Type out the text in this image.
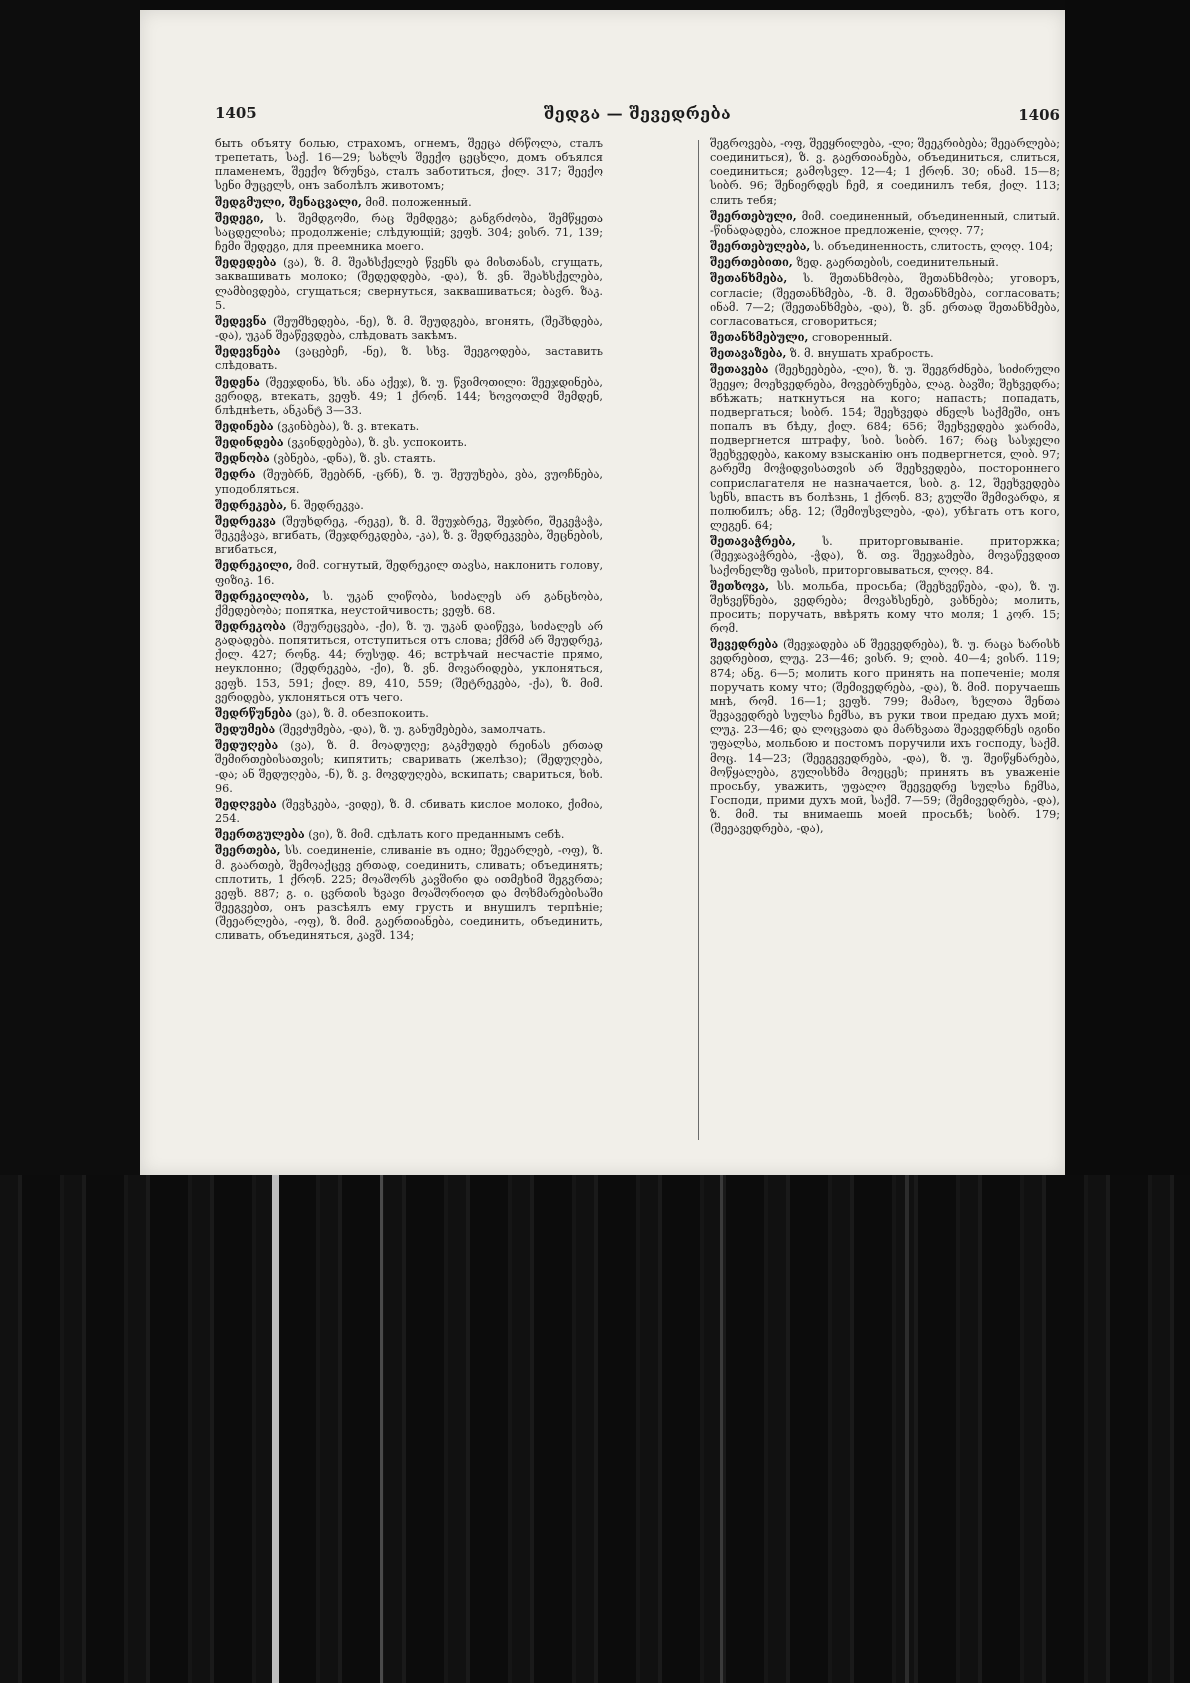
1405	შედგა — შევედრება	1406

быть объяту болью, страхомъ, огнемъ, შეეცა ძრწოლა, сталъ трепетать, საქ. 16—29; სახლს შეექო ცეცხლი, домъ объялся пламенемъ, შეექო ზრუნვა, сталъ заботиться, ქილ. 317; შეექო სენი მუცელს, онъ заболѣлъ животомъ;

შედგმული, შენაცვალი, მიმ. положенный.

შედეგი, ს. შემდგომი, რაც შემდეგა; განგრძობა, შემწყეთა საცდელისა; продолженіе; слѣдующій; ვეფხ. 304; ვისრ. 71, 139; ჩემი შედეგი, для преемника моего.

შედედება (ვა), ზ. მ. შეახსქელებ წვენს და მისთანას, сгущать, заквашивать молоко; (შედედდება, -და), ზ. ვნ. შეახსქელება, ლამბივდება, сгущаться; свернуться, заквашиваться; ბავრ. ზაკ. 5.

შედევნა (შეუმხედება, -ნე), ზ. მ. შეუდგება, вгонять, (შეჰხდება, -და), უკან შეაწევდება, слѣдовать закѣмъ.

შედევნება (ვაცებეჩ, -ნე), ზ. სხვ. შეეგოდება, заставить слѣдовать.

შედენა (შეეჯდინა, ხს. ანა აქეჯ), ზ. უ. წვიმოთილი: შეეჯდინება, ვერიდგ, втекать, ვეფხ. 49; 1 ქრონ. 144; ხოვოთლმ შემდენ, блѣднѣеть, ანკანტ 3—33.

შედინება (ვკინბება), ზ. ვ. втекать.

შედინდება (ვკინდებება), ზ. ვს. успокоить.

შედნობა (ვბნება, -დნა), ზ. ვს. стаять.

შედრა (შეუბრნ, შეებრნ, -ცრნ), ზ. უ. შეუუხება, ვბა, ვუოჩნება, уподобляться.

შედრეკება, ნ. შედრეკვა.

შედრეკვა (შეუხდრეკ, -რეკე), ზ. მ. შეუჯბრეკ, შეჯბრი, შეკეჭაჭა, შეკეჭავა, вгибать, (შეჯდრეკდება, -კა), ზ. ვ. შედრეკვება, შეცნების, вгибаться,

შედრეკილი, მიმ. согнутый, შედრეკილ თავსა, наклонить голову, ფიზიკ. 16.

შედრეკილობა, ს. უკან ლიწობა, სიძალეს არ განცხობა, ქმედებობა; попятка, неустойчивость; ვეფხ. 68.

შედრეკობა (შეურეცვება, -ქი), ზ. უ. უკან დაიწევა, სიძალეს არ გადადება. попятиться, отступиться отъ слова; ქმრმ არ შეუდრეკ, ქილ. 427; რონგ. 44; რუსუდ. 46; встрѣчай несчастіе прямо, неуклонно; (შედრეკება, -ქი), ზ. ვნ. მოვარიდება, уклоняться, ვეფხ. 153, 591; ქილ. 89, 410, 559; (შეტრეკება, -ქა), ზ. მიმ. ვერიდება, уклоняться отъ чего.

შედრწუნება (ვა), ზ. მ. обезпокоить.

შედუმება (შევძუმება, -და), ზ. უ. განუმებება, замолчать.

შედუღება (ვა), ზ. მ. მოადუღე; გაკმუდებ რეინას ერთად შემირთებისათვის; кипятить; сваривать (желѣзо); (შედუღება, -და; ან შედუღება, -ნ), ზ. ვ. მოვდუღება, вскипать; свариться, ხიხ. 96.

შედღვება (შევხკება, -ვიდე), ზ. მ. сбивать кислое молоко, ქიმია, 254.

შეერთგულება (ვი), ზ. მიმ. сдѣлать кого преданнымъ себѣ.

შეერთება, სს. соединеніе, сливаніе въ одно; შეეარლებ, -ოფ), ზ. მ. გაართებ, შემოაქცევ ერთად, соединить, сливать; объединять; сплотить, 1 ქრონ. 225; მოაშორს კავშირი და ითმეხიმ შეგვრთა; ვეფხ. 887; გ. ი. ცვრთის ხვავი მოაშორიოთ და მოხმარებისაში შეეგვებთ, онъ разсѣялъ ему грусть и внушилъ терпѣніе; (შეეარლება, -ოფ), ზ. მიმ. გაერთიანება, соединить, объединить, сливать, объединяться, კავშ. 134;

შეგროვება, -ოფ, შეეყრილება, -ლი; შეეკრიბება; შეეარლება; соединиться), ზ. ვ. გაერთიანება, объединиться, слиться, соединиться; გამოსვლ. 12—4; 1 ქრონ. 30; ინამ. 15—8; სიბრ. 96; შენიერდეს ჩემ, я соединилъ тебя, ქილ. 113; слить тебя;

შეერთებული, მიმ. соединенный, объединенный, слитый. -წინადადება, сложное предложеніе, ლოღ. 77;

შეერთებულება, ს. объединенность, слитость, ლოღ. 104;

შეერთებითი, ზედ. გაერთების, соединительный.

შეთანხმება, ს. შეთანხმობა, შეთანხმობა; уговоръ, согласіе; (შეეთანხმება, -ზ. მ. შეთანხმება, согласовать; ინამ. 7—2; (შეეთანხმება, -და), ზ. ვნ. ერთად შეთანხმება, согласоваться, сговориться;

შეთანხმებული, сговоренный.

შეთავაზება, ზ. მ. внушать храбрость.

შეთავება (შეეხეებება, -ლი), ზ. უ. შეეგრძნება, სიძირული შეეყო; მოეხვედრება, მოვებრუნება, ლაგ. ბავში; შეხვედრა; вбѣжать; наткнуться на кого; напасть; попадать, подвергаться; სიბრ. 154; შეეხვედა ძნელს საქმეში, онъ попалъ въ бѣду, ქილ. 684; 656; შეეხვედება ჯარიმა, подвергнется штрафу, სიბ. სიბრ. 167; რაც სასჯელი შეეხვედება, какому взысканію онъ подвергнется, ლიბ. 97; გარეშე მოჭიდვისათვის არ შეეხვედება, постороннего соприслагателя не назначается, სიბ. გ. 12, შეეხვედება სენს, впасть въ болѣзнь, 1 ქრონ. 83; გულში შემივარდა, я полюбилъ; ანგ. 12; (შემიუსვლება, -და), убѣгать отъ кого, ლეგენ. 64;

შეთავაჭრება, ს. приторговываніе. приторжка; (შეეჯავაჭრება, -ჭდა), ზ. თვ. შეეჯამება, მოვაწევდით საქონელზე ფასის, приторговываться, ლოღ. 84.

შეთხოვა, სს. мольба, просьба; (შეეხვეწება, -და), ზ. უ. შეხვეწნება, ვედრება; მოვახსენებ, ვახნება; молить, просить; поручать, ввѣрять кому что моля; 1 კორ. 15; რომ.

შევედრება (შეეჯადება ან შეევედრება), ზ. უ. რაცა ხარისხ ვედრებით, ლუკ. 23—46; ვისრ. 9; ლიბ. 40—4; ვისრ. 119; 874; ანგ. 6—5; молить кого принять на попеченіе; моля поручать кому что; (შემივედრება, -და), ზ. მიმ. поручаешь мнѣ, რომ. 16—1; ვეფხ. 799; მამაო, ხელთა შენთა შევავედრებ სულსა ჩემსა, въ руки твои предаю духъ мой; ლუკ. 23—46; და ლოცვათა და მარხვათა შეავედრნეს იგინი უფალსა, мольбою и постомъ поручили ихъ господу, საქმ. მოც. 14—23; (შეეგევედრება, -და), ზ. უ. შეიწყნარება, მოწყალება, გულისხმა მოეცეს; принять въ уваженіе просьбу, уважить, უფალო შეევედრე სულსა ჩემსა, Господи, прими духъ мой, საქმ. 7—59; (შემივედრება, -და), ზ. მიმ. ты внимаешь моей просьбѣ; სიბრ. 179; (შეეავედრება, -და),
